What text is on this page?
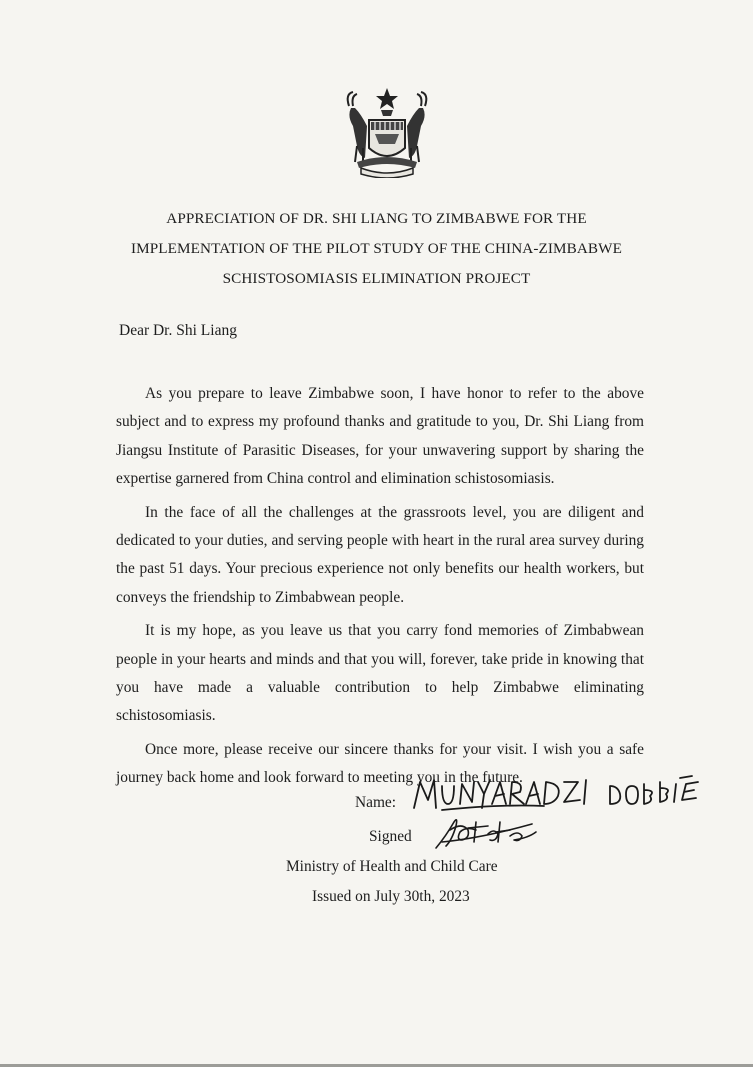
APPRECIATION OF DR. SHI LIANG TO ZIMBABWE FOR THE
IMPLEMENTATION OF THE PILOT STUDY OF THE CHINA-ZIMBABWE
SCHISTOSOMIASIS ELIMINATION PROJECT
Dear Dr. Shi Liang

As you prepare to leave Zimbabwe soon, I have honor to refer to the above subject and to express my profound thanks and gratitude to you, Dr. Shi Liang from Jiangsu Institute of Parasitic Diseases, for your unwavering support by sharing the expertise garnered from China control and elimination schistosomiasis.

In the face of all the challenges at the grassroots level, you are diligent and dedicated to your duties, and serving people with heart in the rural area survey during the past 51 days. Your precious experience not only benefits our health workers, but conveys the friendship to Zimbabwean people.

It is my hope, as you leave us that you carry fond memories of Zimbabwean people in your hearts and minds and that you will, forever, take pride in knowing that you have made a valuable contribution to help Zimbabwe eliminating schistosomiasis.

Once more, please receive our sincere thanks for your visit. I wish you a safe journey back home and look forward to meeting you in the future.

Name:
Signed
Ministry of Health and Child Care
Issued on July 30th, 2023
